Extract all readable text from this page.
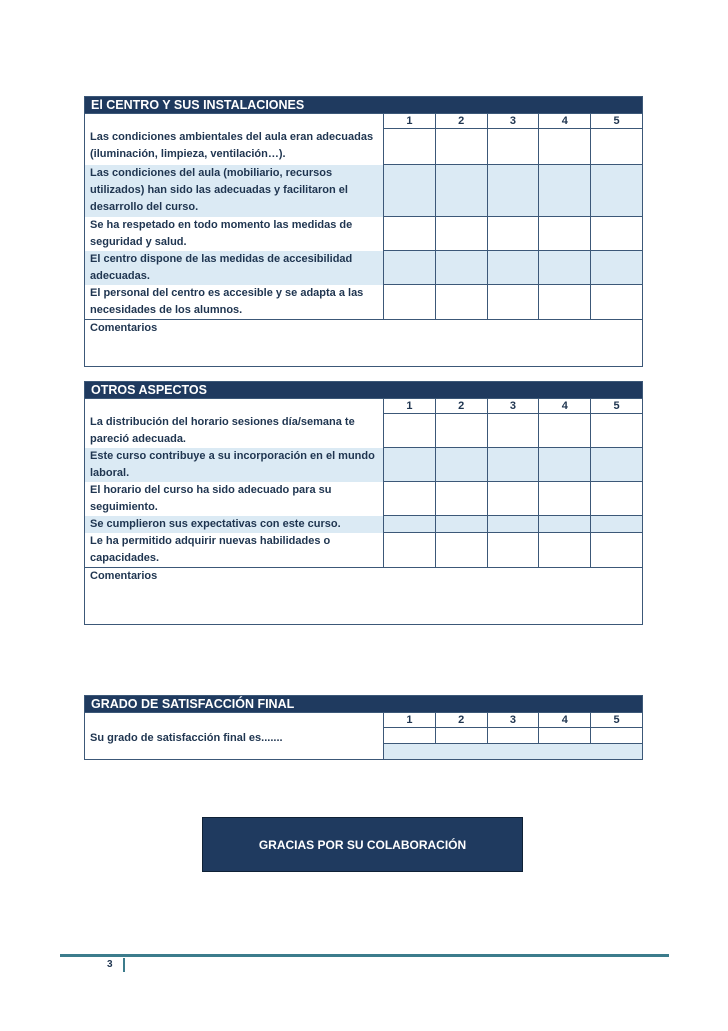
El CENTRO Y SUS INSTALACIONES					
	1	2	3	4	5
Las condiciones ambientales del aula eran adecuadas (iluminación, limpieza, ventilación…).					
Las condiciones del aula (mobiliario, recursos utilizados) han sido las adecuadas y facilitaron el desarrollo del curso.					
Se ha respetado en todo momento las medidas de seguridad y salud.					
El centro dispone de las medidas de accesibilidad adecuadas.					
El personal del centro es accesible y se adapta a las necesidades de los alumnos.					
Comentarios					
OTROS ASPECTOS					
	1	2	3	4	5
La distribución del horario sesiones día/semana te pareció adecuada.					
Este curso contribuye a su incorporación en el mundo laboral.					
El horario del curso ha sido adecuado para su seguimiento.					
Se cumplieron sus expectativas con este curso.					
Le ha permitido adquirir nuevas habilidades o capacidades.					
Comentarios					
GRADO DE SATISFACCIÓN FINAL					
	1	2	3	4	5
Su grado de satisfacción final es.......					

GRACIAS POR SU COLABORACIÓN
3
